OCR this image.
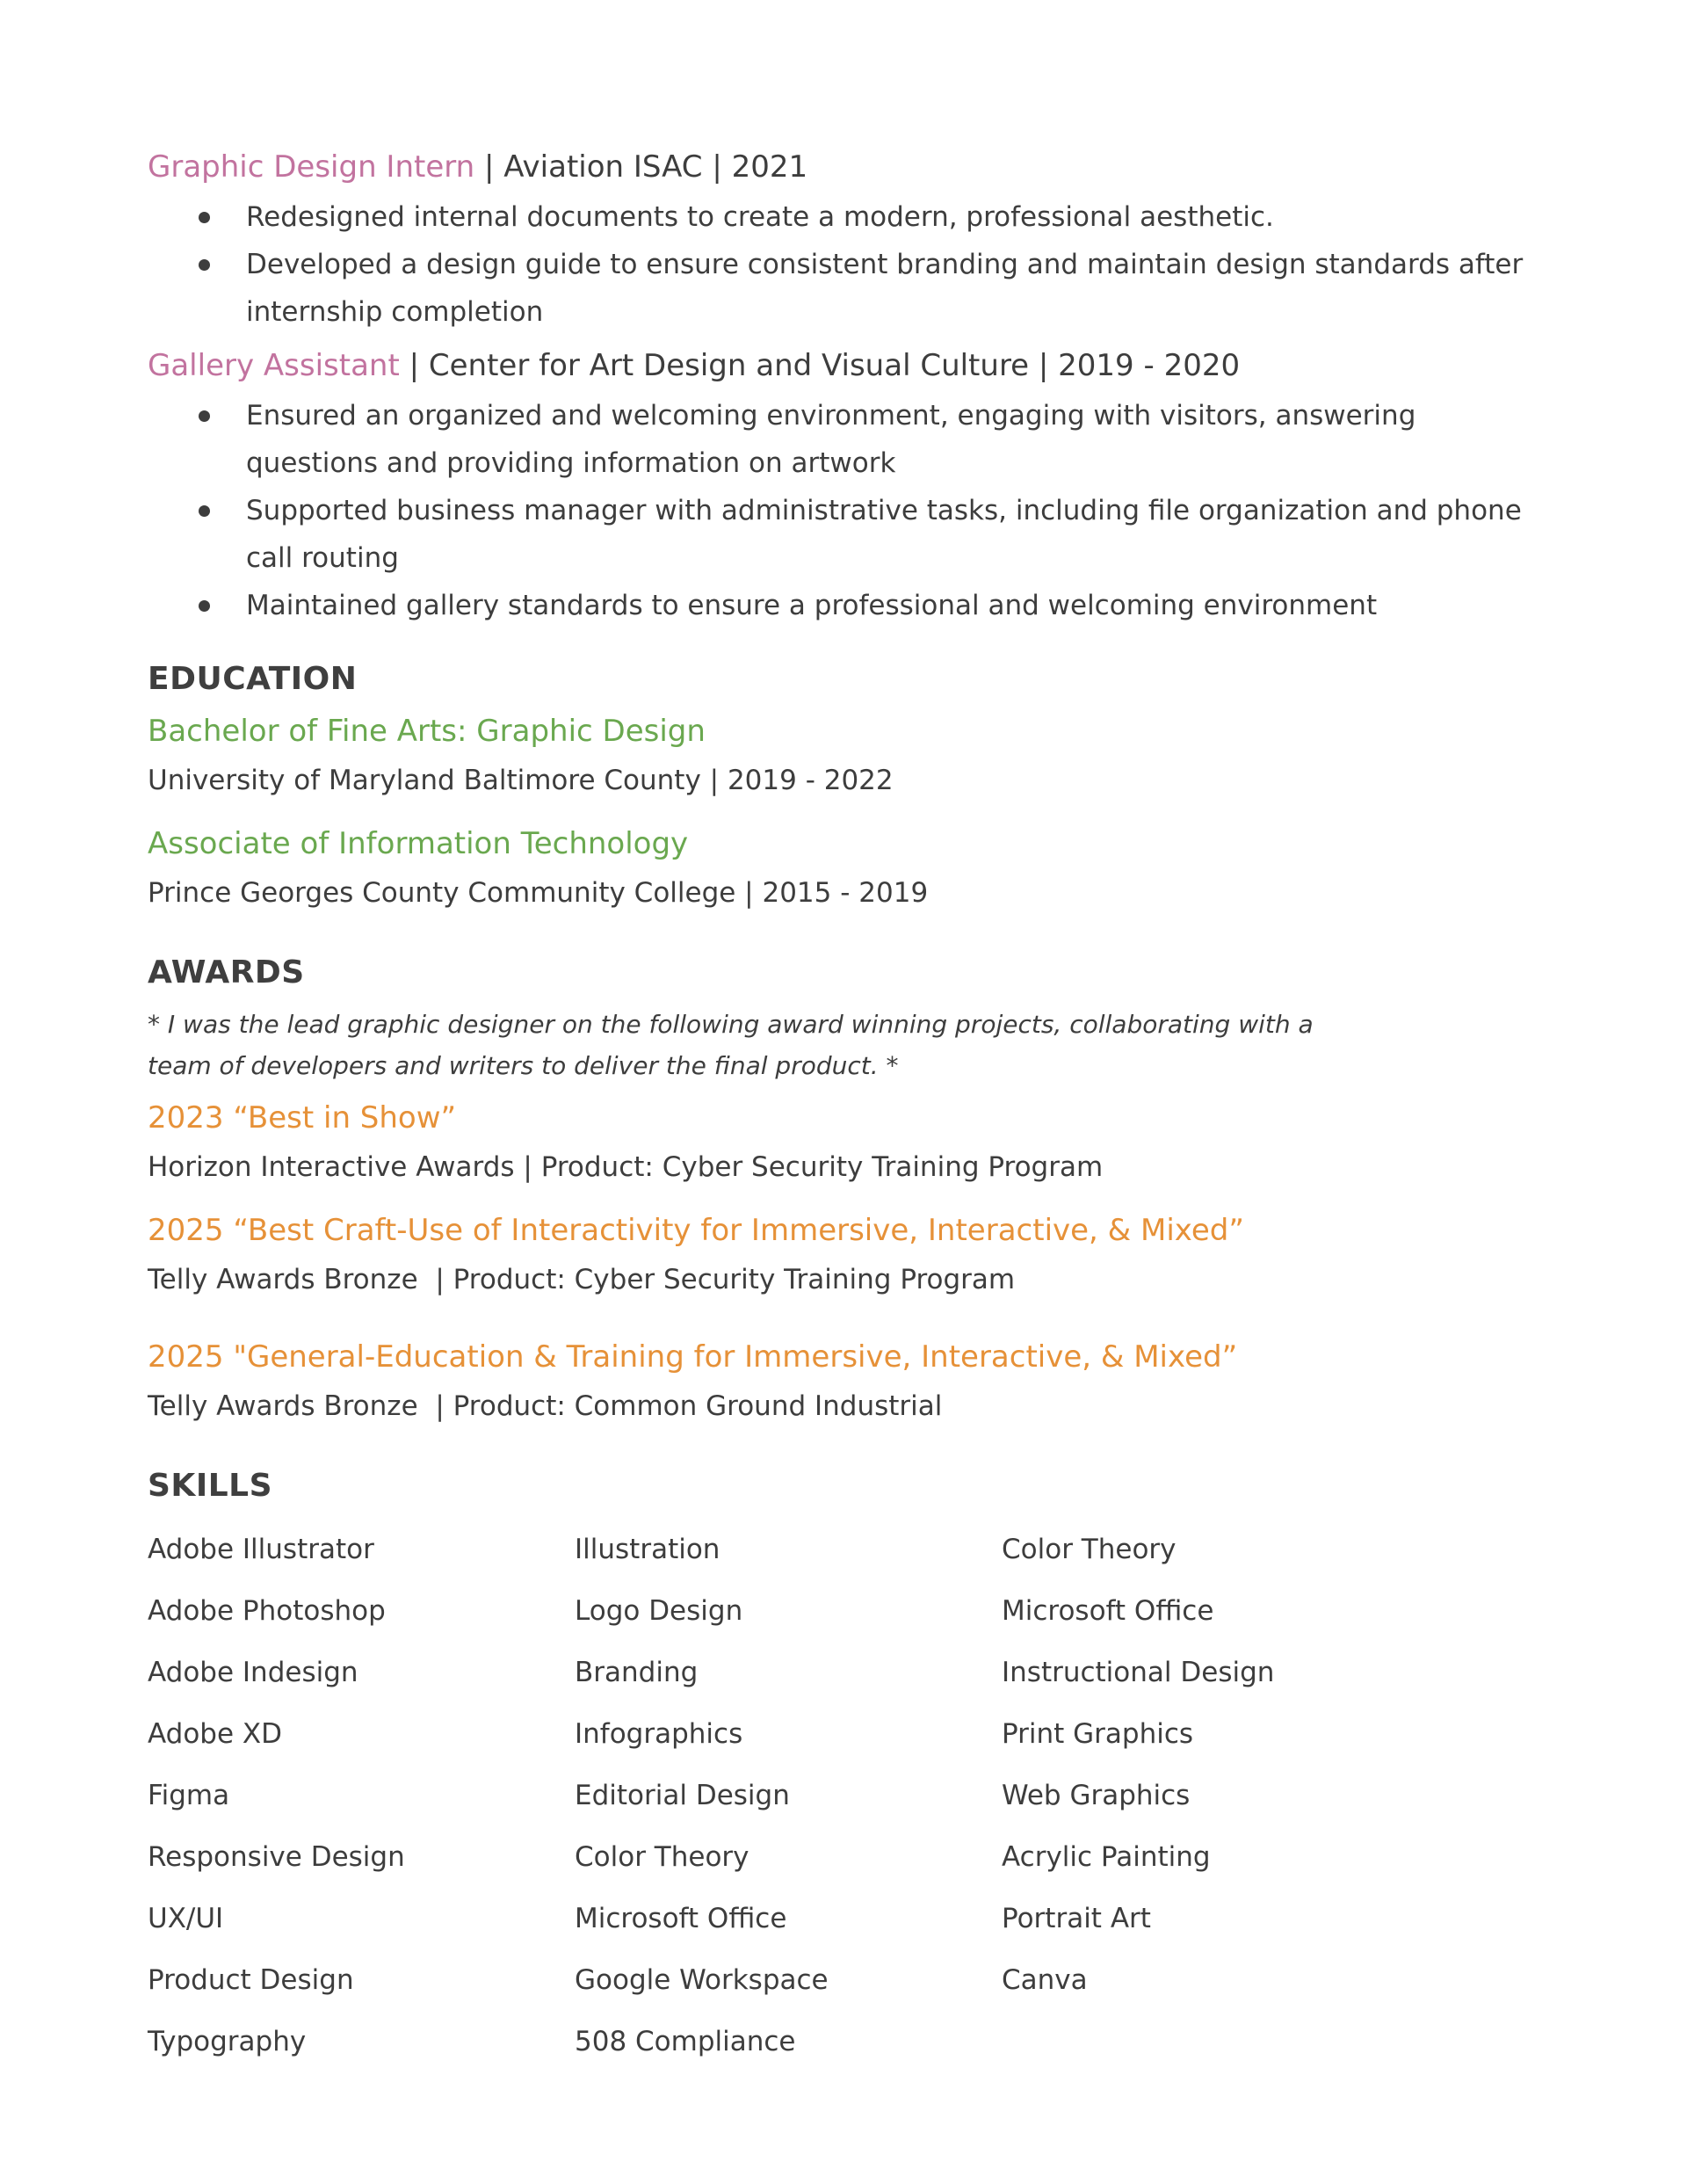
Graphic Design Intern | Aviation ISAC | 2021

Redesigned internal documents to create a modern, professional aesthetic.
Developed a design guide to ensure consistent branding and maintain design standards after internship completion

Gallery Assistant | Center for Art Design and Visual Culture | 2019 - 2020

Ensured an organized and welcoming environment, engaging with visitors, answering questions and providing information on artwork
Supported business manager with administrative tasks, including file organization and phone call routing
Maintained gallery standards to ensure a professional and welcoming environment
EDUCATION

Bachelor of Fine Arts: Graphic Design

University of Maryland Baltimore County | 2019 - 2022

Associate of Information Technology

Prince Georges County Community College | 2015 - 2019

AWARDS

* I was the lead graphic designer on the following award winning projects, collaborating with a team of developers and writers to deliver the final product. *

2023 “Best in Show”

Horizon Interactive Awards | Product: Cyber Security Training Program

2025 “Best Craft-Use of Interactivity for Immersive, Interactive, & Mixed”

Telly Awards Bronze  | Product: Cyber Security Training Program

2025 "General-Education & Training for Immersive, Interactive, & Mixed”

Telly Awards Bronze  | Product: Common Ground Industrial

SKILLS
Adobe Illustrator
Adobe Photoshop
Adobe Indesign
Adobe XD
Figma
Responsive Design
UX/UI
Product Design
Typography
Illustration
Logo Design
Branding
Infographics
Editorial Design
Color Theory
Microsoft Office
Google Workspace
508 Compliance
Color Theory
Microsoft Office
Instructional Design
Print Graphics
Web Graphics
Acrylic Painting
Portrait Art
Canva
